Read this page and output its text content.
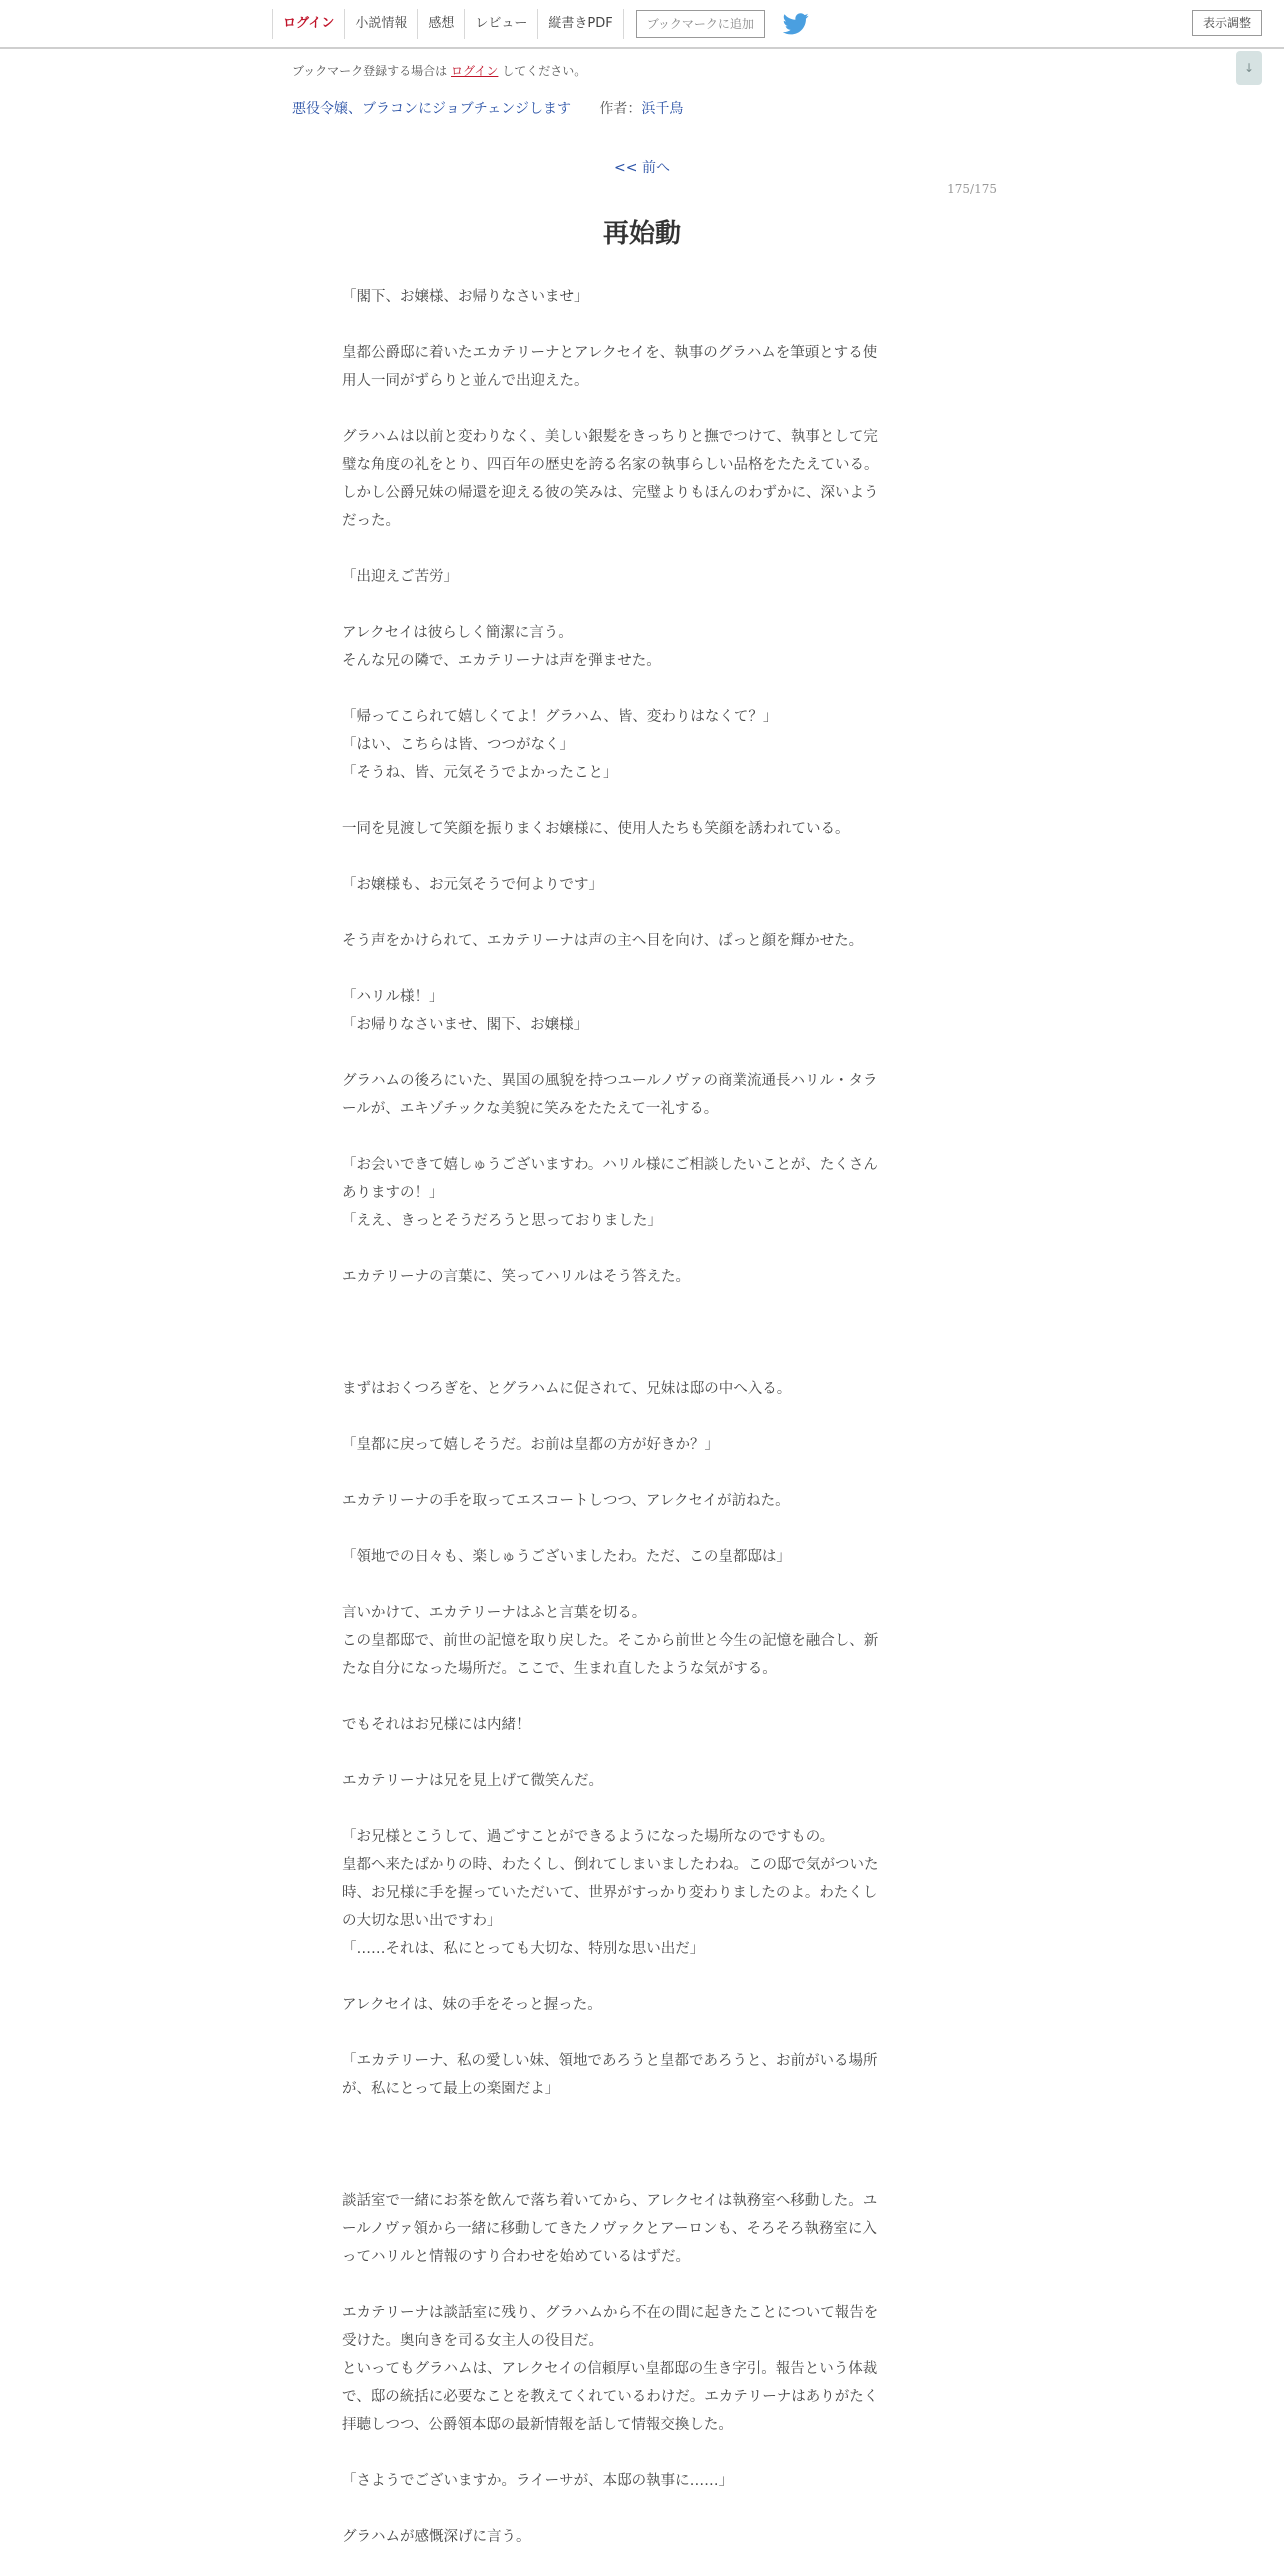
ログイン	小説情報	感想	レビュー	縦書きPDF	ブックマークに追加	表示調整
↓
ブックマーク登録する場合は ログイン してください。
悪役令嬢、ブラコンにジョブチェンジします 作者：浜千鳥
<< 前へ
175/175
再始動
「閣下、お嬢様、お帰りなさいませ」
皇都公爵邸に着いたエカテリーナとアレクセイを、執事のグラハムを筆頭とする使
用人一同がずらりと並んで出迎えた。
グラハムは以前と変わりなく、美しい銀髪をきっちりと撫でつけて、執事として完
璧な角度の礼をとり、四百年の歴史を誇る名家の執事らしい品格をたたえている。
しかし公爵兄妹の帰還を迎える彼の笑みは、完璧よりもほんのわずかに、深いよう
だった。
「出迎えご苦労」
アレクセイは彼らしく簡潔に言う。
そんな兄の隣で、エカテリーナは声を弾ませた。
「帰ってこられて嬉しくてよ！グラハム、皆、変わりはなくて？」
「はい、こちらは皆、つつがなく」
「そうね、皆、元気そうでよかったこと」
一同を見渡して笑顔を振りまくお嬢様に、使用人たちも笑顔を誘われている。
「お嬢様も、お元気そうで何よりです」
そう声をかけられて、エカテリーナは声の主へ目を向け、ぱっと顔を輝かせた。
「ハリル様！」
「お帰りなさいませ、閣下、お嬢様」
グラハムの後ろにいた、異国の風貌を持つユールノヴァの商業流通長ハリル・タラ
ールが、エキゾチックな美貌に笑みをたたえて一礼する。
「お会いできて嬉しゅうございますわ。ハリル様にご相談したいことが、たくさん
ありますの！」
「ええ、きっとそうだろうと思っておりました」
エカテリーナの言葉に、笑ってハリルはそう答えた。
まずはおくつろぎを、とグラハムに促されて、兄妹は邸の中へ入る。
「皇都に戻って嬉しそうだ。お前は皇都の方が好きか？」
エカテリーナの手を取ってエスコートしつつ、アレクセイが訪ねた。
「領地での日々も、楽しゅうございましたわ。ただ、この皇都邸は」
言いかけて、エカテリーナはふと言葉を切る。
この皇都邸で、前世の記憶を取り戻した。そこから前世と今生の記憶を融合し、新
たな自分になった場所だ。ここで、生まれ直したような気がする。
でもそれはお兄様には内緒！
エカテリーナは兄を見上げて微笑んだ。
「お兄様とこうして、過ごすことができるようになった場所なのですもの。
皇都へ来たばかりの時、わたくし、倒れてしまいましたわね。この邸で気がついた
時、お兄様に手を握っていただいて、世界がすっかり変わりましたのよ。わたくし
の大切な思い出ですわ」
「……それは、私にとっても大切な、特別な思い出だ」
アレクセイは、妹の手をそっと握った。
「エカテリーナ、私の愛しい妹、領地であろうと皇都であろうと、お前がいる場所
が、私にとって最上の楽園だよ」
談話室で一緒にお茶を飲んで落ち着いてから、アレクセイは執務室へ移動した。ユ
ールノヴァ領から一緒に移動してきたノヴァクとアーロンも、そろそろ執務室に入
ってハリルと情報のすり合わせを始めているはずだ。
エカテリーナは談話室に残り、グラハムから不在の間に起きたことについて報告を
受けた。奥向きを司る女主人の役目だ。
といってもグラハムは、アレクセイの信頼厚い皇都邸の生き字引。報告という体裁
で、邸の統括に必要なことを教えてくれているわけだ。エカテリーナはありがたく
拝聴しつつ、公爵領本邸の最新情報を話して情報交換した。
「さようでございますか。ライーサが、本邸の執事に……」
グラハムが感慨深げに言う。
